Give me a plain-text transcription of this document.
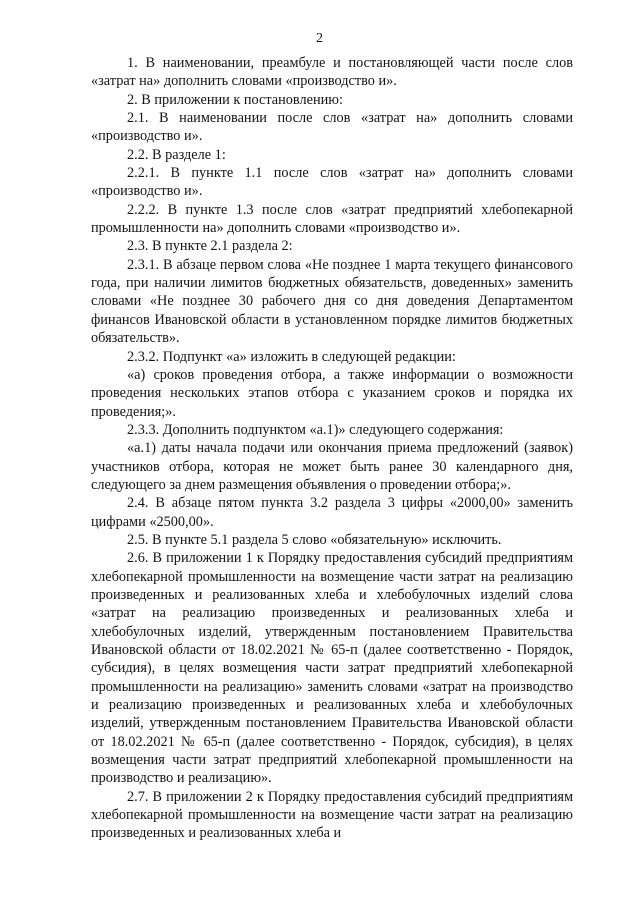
2

1. В наименовании, преамбуле и постановляющей части после слов «затрат на» дополнить словами «производство и».

2. В приложении к постановлению:

2.1. В наименовании после слов «затрат на» дополнить словами «производство и».

2.2. В разделе 1:

2.2.1. В пункте 1.1 после слов «затрат на» дополнить словами «производство и».

2.2.2. В пункте 1.3 после слов «затрат предприятий хлебопекарной промышленности на» дополнить словами «производство и».

2.3. В пункте 2.1 раздела 2:

2.3.1. В абзаце первом слова «Не позднее 1 марта текущего финансового года, при наличии лимитов бюджетных обязательств, доведенных» заменить словами «Не позднее 30 рабочего дня со дня доведения Департаментом финансов Ивановской области в установленном порядке лимитов бюджетных обязательств».

2.3.2. Подпункт «а» изложить в следующей редакции:

«а) сроков проведения отбора, а также информации о возможности проведения нескольких этапов отбора с указанием сроков и порядка их проведения;».

2.3.3. Дополнить подпунктом «а.1)» следующего содержания:

«а.1) даты начала подачи или окончания приема предложений (заявок) участников отбора, которая не может быть ранее 30 календарного дня, следующего за днем размещения объявления о проведении отбора;».

2.4. В абзаце пятом пункта 3.2 раздела 3 цифры «2000,00» заменить цифрами «2500,00».

2.5. В пункте 5.1 раздела 5 слово «обязательную» исключить.

2.6. В приложении 1 к Порядку предоставления субсидий предприятиям хлебопекарной промышленности на возмещение части затрат на реализацию произведенных и реализованных хлеба и хлебобулочных изделий слова «затрат на реализацию произведенных и реализованных хлеба и хлебобулочных изделий, утвержденным постановлением Правительства Ивановской области от 18.02.2021 № 65-п (далее соответственно - Порядок, субсидия), в целях возмещения части затрат предприятий хлебопекарной промышленности на реализацию» заменить словами «затрат на производство и реализацию произведенных и реализованных хлеба и хлебобулочных изделий, утвержденным постановлением Правительства Ивановской области от 18.02.2021 № 65-п (далее соответственно - Порядок, субсидия), в целях возмещения части затрат предприятий хлебопекарной промышленности на производство и реализацию».

2.7. В приложении 2 к Порядку предоставления субсидий предприятиям хлебопекарной промышленности на возмещение части затрат на реализацию произведенных и реализованных хлеба и
